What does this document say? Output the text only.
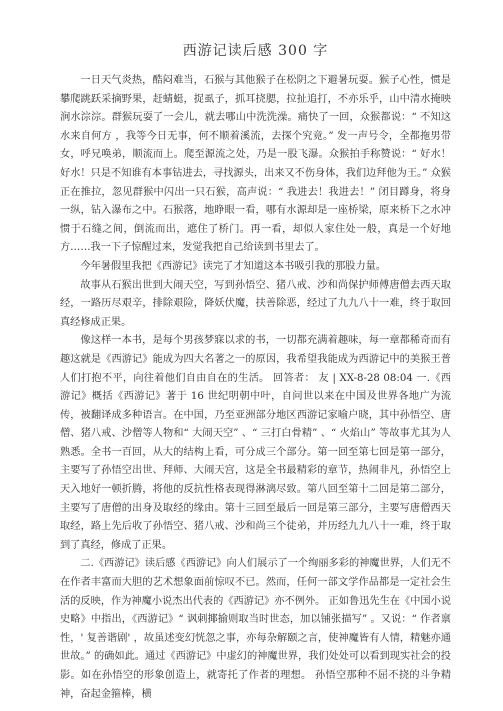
西游记读后感 300 字

一日天气炎热，酷闷难当，石猴与其他猴子在松阴之下避暑玩耍。猴子心性，惯是攀爬跳跃采摘野果，赶蜻蜓，捉虱子，抓耳挠腮，拉扯追打，不亦乐乎，山中清水掩映涧水淙淙。群猴玩耍了一会儿，就去哪山中洗洗澡。痛快了一回，众猴都说：“ 不知这水来自何方 ，我等今日无事，何不顺着溪流，去探个究竟。” 发一声号令，全都拖男带女，呼兄唤弟，顺流而上。爬至源流之处，乃是一股飞瀑。众猴拍手称赞说：“ 好水！好水！只是不知谁有本事钻进去，寻找源头，出来又不伤身体，我们边拜他为王。” 众猴正在推拉，忽见群猴中闪出一只石猴，高声说：“ 我进去！我进去！” 闭目蹲身，将身一纵，钻入瀑布之中。石猴落，地睁眼一看，哪有水源却是一座桥梁，原来桥下之水冲惯于石缝之间，倒流而出，遮住了桥门。再一看，却似人家住处一般，真是一个好地方……我一下子惊醒过来，发觉我把自己给读到书里去了。

今年暑假里我把《西游记》读完了才知道这本书吸引我的那股力量。

故事从石猴出世到大闹天空，写到孙悟空、猪八戒、沙和尚保护师傅唐僧去西天取经，一路历尽艰辛，排除艰险，降妖伏魔，扶善除恶，经过了九九八十一难，终于取回真经修成正果。

像这样一本书，是每个男孩梦寐以求的书，一切都充满着趣味，每一章都稀奇而有趣这就是《西游记》能成为四大名著之一的原因，我希望我能成为西游记中的美猴王普人们打抱不平，向往着他们自由自在的生活。 回答者： 友 | XX-8-28 08:04 一.《西游记》概括《西游记》著于 16 世纪明朝中叶，自问世以来在中国及世界各地广为流传，被翻译成多种语言。在中国，乃至亚洲部分地区西游记家喻户晓，其中孙悟空、唐僧、猪八戒、沙僧等人物和“ 大闹天空” 、“ 三打白骨精” 、“ 火焰山” 等故事尤其为人熟悉。全书一百回，从大的结构上看，可分成三个部分。第一回至第七回是第一部分，主要写了孙悟空出世、拜师、大闹天宫，这是全书最精彩的章节，热闹非凡，孙悟空上天入地好一顿折腾，将他的反抗性格表现得淋漓尽致。第八回至第十二回是第二部分，主要写了唐僧的出身及取经的缘由。第十三回至最后一回是第三部分，主要写唐僧西天取经，路上先后收了孙悟空、猪八戒、沙和尚三个徒弟，并历经九九八十一难，终于取到了真经，修成了正果。

二.《西游记》读后感《西游记》向人们展示了一个绚丽多彩的神魔世界，人们无不在作者丰富而大胆的艺术想象面前惊叹不已。然而，任何一部文学作品都是一定社会生活的反映，作为神魔小说杰出代表的《西游记》亦不例外。 正如鲁迅先生在《中国小说史略》中指出，《西游记》“ 讽刺揶揄则取当时世态，加以铺张描写” 。又说：“ 作者禀性，' 复善谐剧' ，故虽述变幻恍忽之事，亦每杂解颐之言，使神魔皆有人情，精魅亦通世故。” 的确如此。通过《西游记》中虚幻的神魔世界，我们处处可以看到现实社会的投影。如在孙悟空的形象创造上，就寄托了作者的理想。 孙悟空那种不屈不挠的斗争精神，奋起金箍棒，横
